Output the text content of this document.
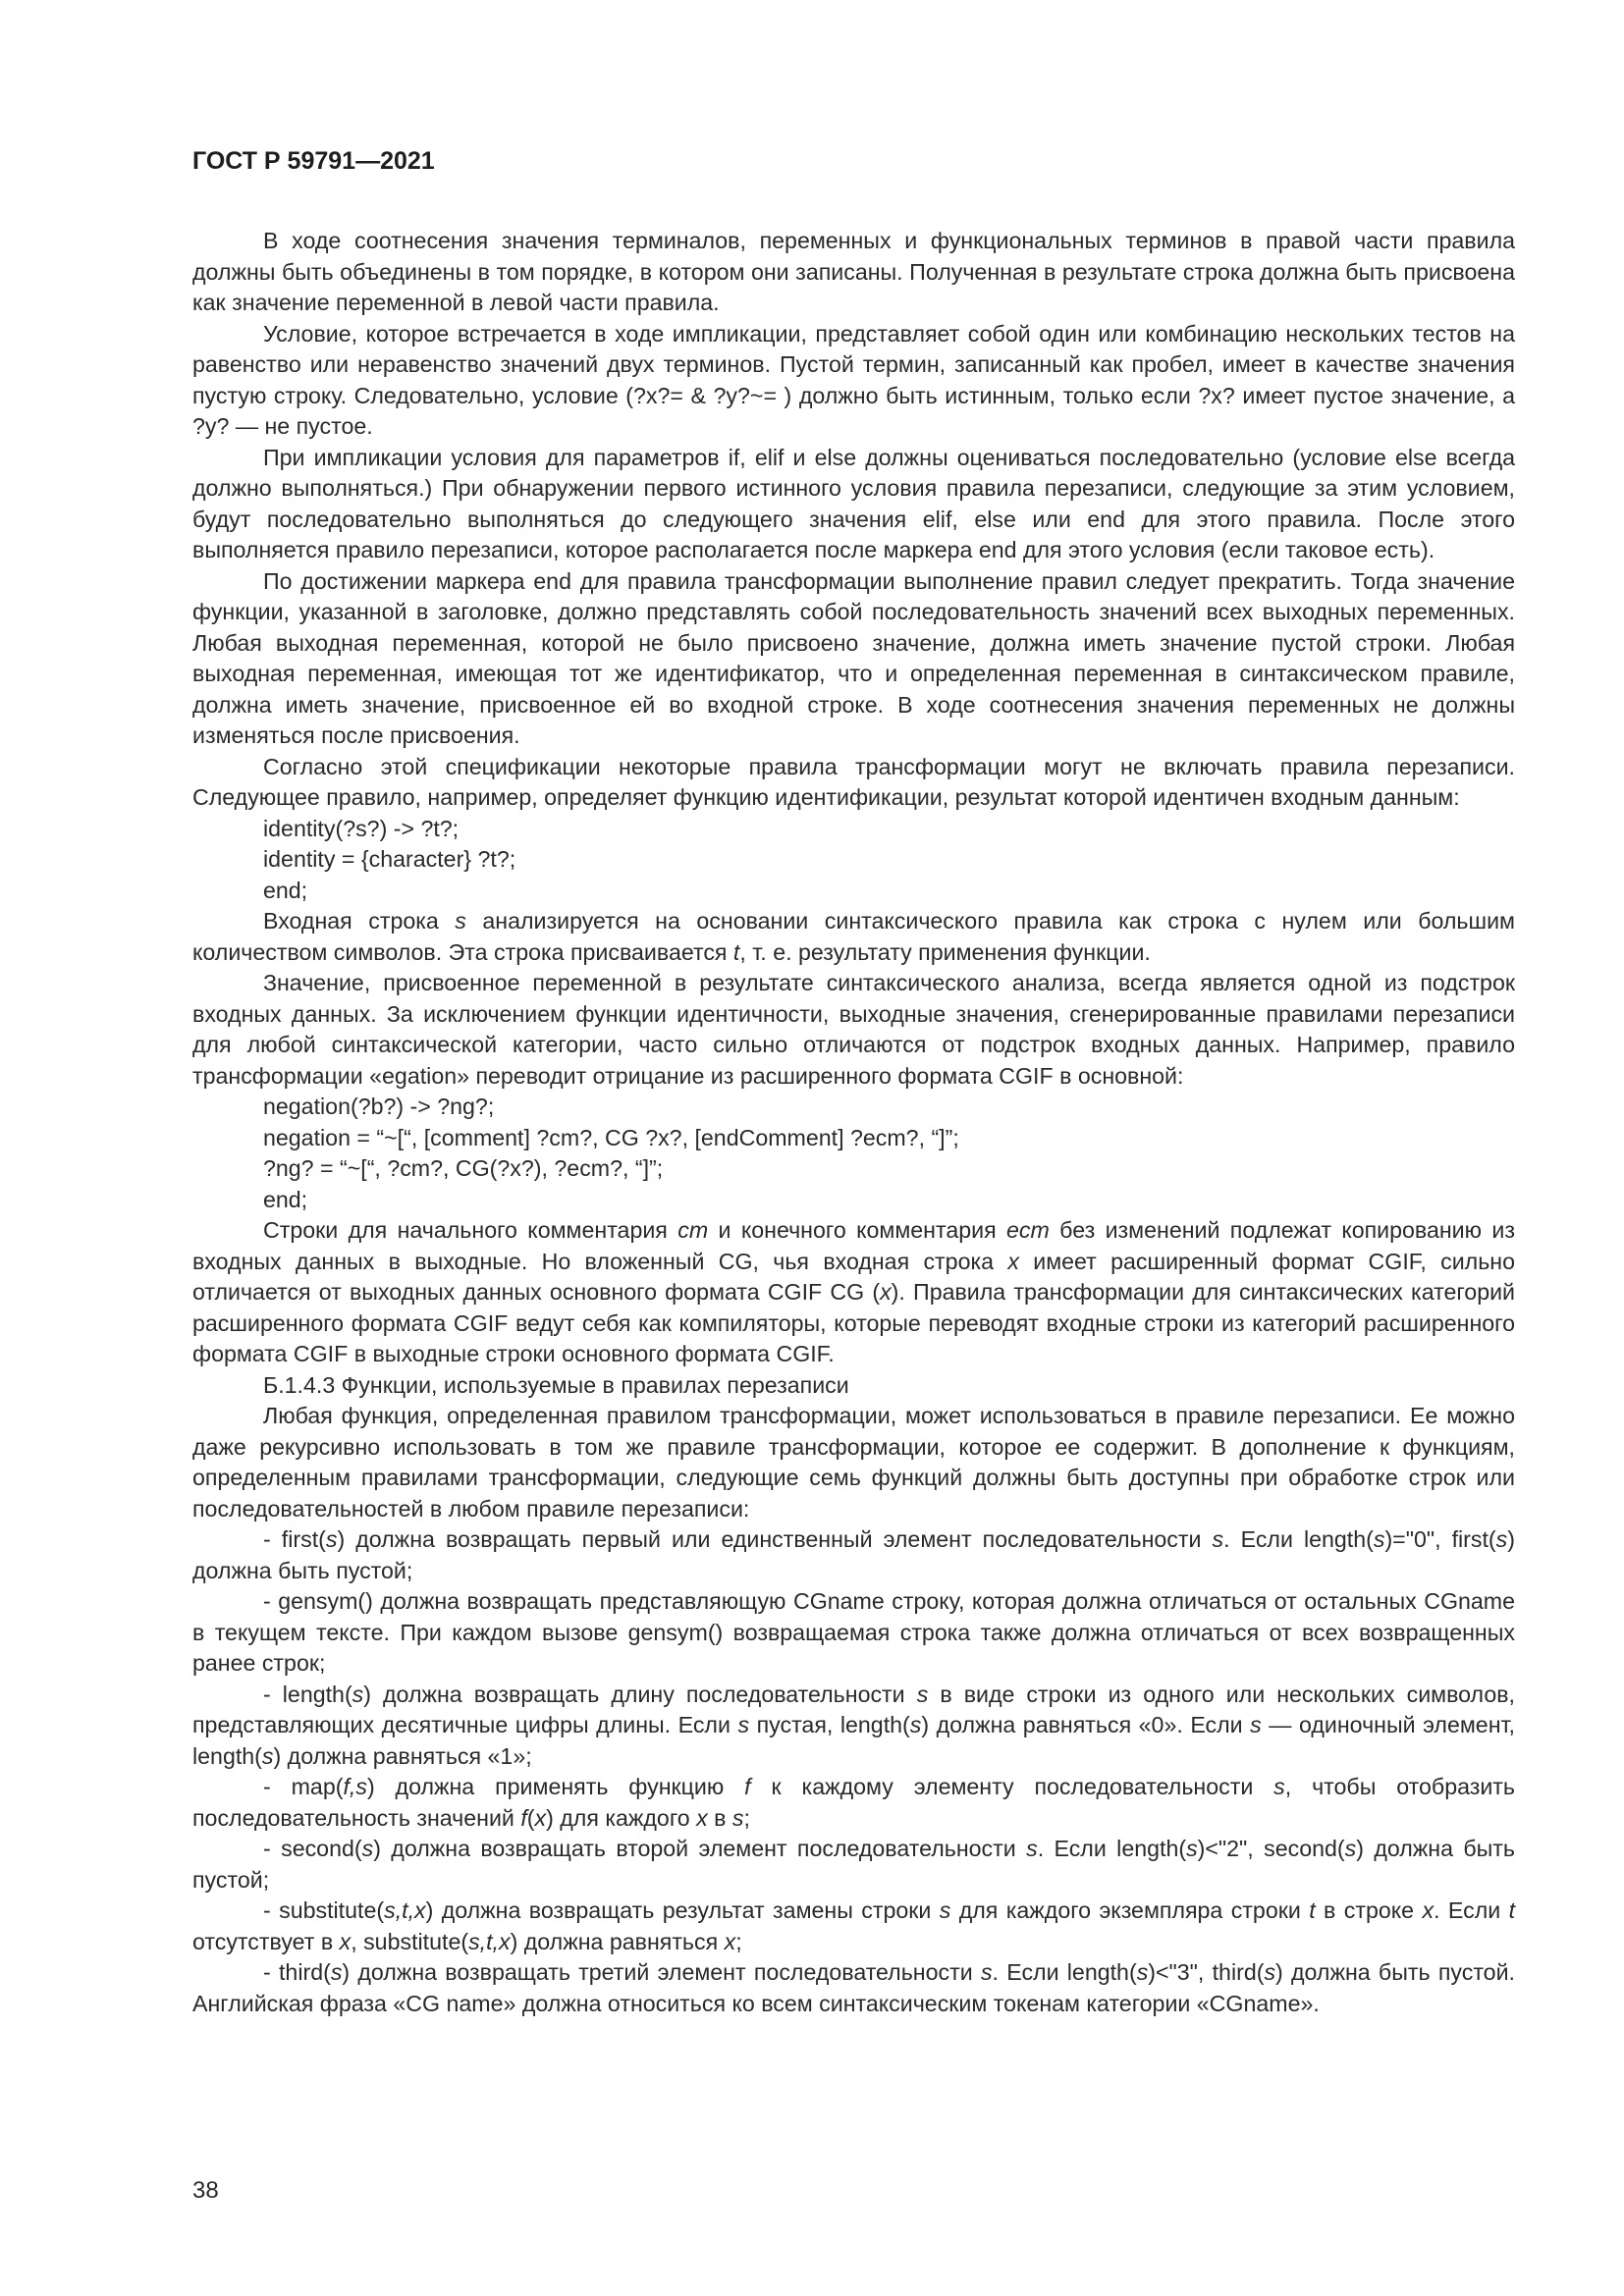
ГОСТ Р 59791—2021

В ходе соотнесения значения терминалов, переменных и функциональных терминов в правой части правила должны быть объединены в том порядке, в котором они записаны. Полученная в результате строка должна быть присвоена как значение переменной в левой части правила.

Условие, которое встречается в ходе импликации, представляет собой один или комбинацию нескольких тестов на равенство или неравенство значений двух терминов. Пустой термин, записанный как пробел, имеет в качестве значения пустую строку. Следовательно, условие (?x?= & ?y?~= ) должно быть истинным, только если ?x? имеет пустое значение, а ?y? — не пустое.

При импликации условия для параметров if, elif и else должны оцениваться последовательно (условие else всегда должно выполняться.) При обнаружении первого истинного условия правила перезаписи, следующие за этим условием, будут последовательно выполняться до следующего значения elif, else или end для этого правила. После этого выполняется правило перезаписи, которое располагается после маркера end для этого условия (если таковое есть).

По достижении маркера end для правила трансформации выполнение правил следует прекратить. Тогда значение функции, указанной в заголовке, должно представлять собой последовательность значений всех выходных переменных. Любая выходная переменная, которой не было присвоено значение, должна иметь значение пустой строки. Любая выходная переменная, имеющая тот же идентификатор, что и определенная переменная в синтаксическом правиле, должна иметь значение, присвоенное ей во входной строке. В ходе соотнесения значения переменных не должны изменяться после присвоения.

Согласно этой спецификации некоторые правила трансформации могут не включать правила перезаписи. Следующее правило, например, определяет функцию идентификации, результат которой идентичен входным данным:

identity(?s?) -> ?t?;

identity = {character} ?t?;

end;

Входная строка s анализируется на основании синтаксического правила как строка с нулем или большим количеством символов. Эта строка присваивается t, т. е. результату применения функции.

Значение, присвоенное переменной в результате синтаксического анализа, всегда является одной из подстрок входных данных. За исключением функции идентичности, выходные значения, сгенерированные правилами перезаписи для любой синтаксической категории, часто сильно отличаются от подстрок входных данных. Например, правило трансформации «egation» переводит отрицание из расширенного формата CGIF в основной:

negation(?b?) -> ?ng?;

negation = “~[“, [comment] ?cm?, CG ?x?, [endComment] ?ecm?, “]”;

?ng? = “~[“, ?cm?, CG(?x?), ?ecm?, “]”;

end;

Строки для начального комментария cm и конечного комментария ecm без изменений подлежат копированию из входных данных в выходные. Но вложенный CG, чья входная строка x имеет расширенный формат CGIF, сильно отличается от выходных данных основного формата CGIF CG (x). Правила трансформации для синтаксических категорий расширенного формата CGIF ведут себя как компиляторы, которые переводят входные строки из категорий расширенного формата CGIF в выходные строки основного формата CGIF.

Б.1.4.3 Функции, используемые в правилах перезаписи

Любая функция, определенная правилом трансформации, может использоваться в правиле перезаписи. Ее можно даже рекурсивно использовать в том же правиле трансформации, которое ее содержит. В дополнение к функциям, определенным правилами трансформации, следующие семь функций должны быть доступны при обработке строк или последовательностей в любом правиле перезаписи:

- first(s) должна возвращать первый или единственный элемент последовательности s. Если length(s)="0", first(s) должна быть пустой;

- gensym() должна возвращать представляющую CGname строку, которая должна отличаться от остальных CGname в текущем тексте. При каждом вызове gensym() возвращаемая строка также должна отличаться от всех возвращенных ранее строк;

- length(s) должна возвращать длину последовательности s в виде строки из одного или нескольких символов, представляющих десятичные цифры длины. Если s пустая, length(s) должна равняться «0». Если s — одиночный элемент, length(s) должна равняться «1»;

- map(f,s) должна применять функцию f к каждому элементу последовательности s, чтобы отобразить последовательность значений f(x) для каждого x в s;

- second(s) должна возвращать второй элемент последовательности s. Если length(s)<"2", second(s) должна быть пустой;

- substitute(s,t,x) должна возвращать результат замены строки s для каждого экземпляра строки t в строке x. Если t отсутствует в x, substitute(s,t,x) должна равняться x;

- third(s) должна возвращать третий элемент последовательности s. Если length(s)<"3", third(s) должна быть пустой. Английская фраза «CG name» должна относиться ко всем синтаксическим токенам категории «CGname».

38
